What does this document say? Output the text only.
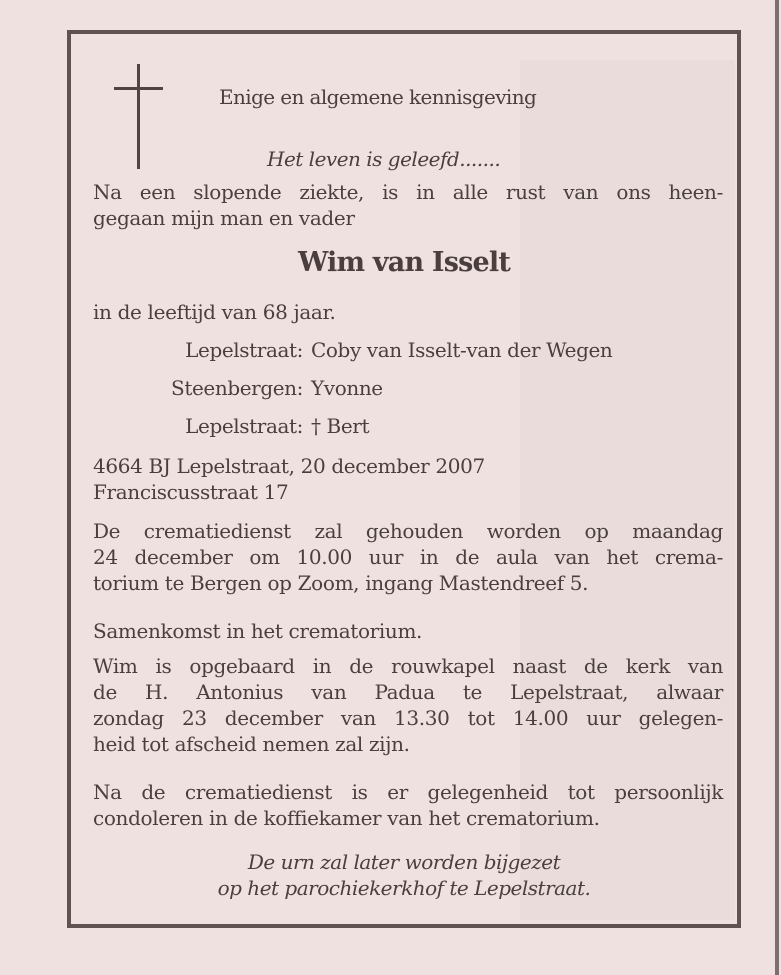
Enige en algemene kennisgeving
Het leven is geleefd.......
Na een slopende ziekte, is in alle rust van ons heen-
gegaan mijn man en vader
Wim van Isselt
in de leeftijd van 68 jaar.
Lepelstraat: Coby van Isselt-van der Wegen
Steenbergen: Yvonne
Lepelstraat: † Bert
4664 BJ Lepelstraat, 20 december 2007
Franciscusstraat 17
De crematiedienst zal gehouden worden op maandag
24 december om 10.00 uur in de aula van het crema-
torium te Bergen op Zoom, ingang Mastendreef 5.
Samenkomst in het crematorium.
Wim is opgebaard in de rouwkapel naast de kerk van
de H. Antonius van Padua te Lepelstraat, alwaar
zondag 23 december van 13.30 tot 14.00 uur gelegen-
heid tot afscheid nemen zal zijn.
Na de crematiedienst is er gelegenheid tot persoonlijk
condoleren in de koffiekamer van het crematorium.
De urn zal later worden bijgezet
op het parochiekerkhof te Lepelstraat.
